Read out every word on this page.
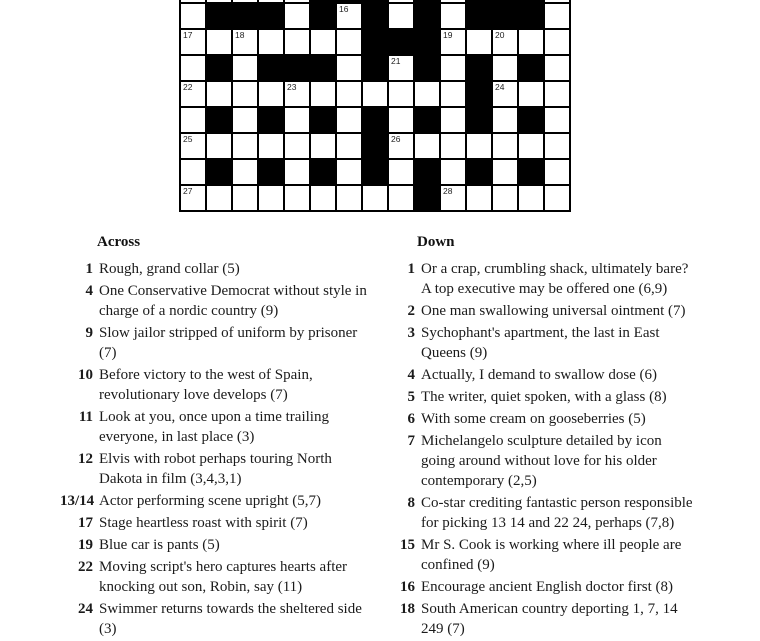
16
17	18	19	20
21
22	23	24
25	26
27	28
Across
1 Rough, grand collar (5)
4 One Conservative Democrat without style in
charge of a nordic country (9)
9 Slow jailor stripped of uniform by prisoner
(7)
10 Before victory to the west of Spain,
revolutionary love develops (7)
11 Look at you, once upon a time trailing
everyone, in last place (3)
12 Elvis with robot perhaps touring North
Dakota in film (3,4,3,1)
13/14 Actor performing scene upright (5,7)
17 Stage heartless roast with spirit (7)
19 Blue car is pants (5)
22 Moving script's hero captures hearts after
knocking out son, Robin, say (11)
24 Swimmer returns towards the sheltered side
(3)
Down
1 Or a crap, crumbling shack, ultimately bare?
A top executive may be offered one (6,9)
2 One man swallowing universal ointment (7)
3 Sychophant's apartment, the last in East
Queens (9)
4 Actually, I demand to swallow dose (6)
5 The writer, quiet spoken, with a glass (8)
6 With some cream on gooseberries (5)
7 Michelangelo sculpture detailed by icon
going around without love for his older
contemporary (2,5)
8 Co-star crediting fantastic person responsible
for picking 13 14 and 22 24, perhaps (7,8)
15 Mr S. Cook is working where ill people are
confined (9)
16 Encourage ancient English doctor first (8)
18 South American country deporting 1, 7, 14
249 (7)
